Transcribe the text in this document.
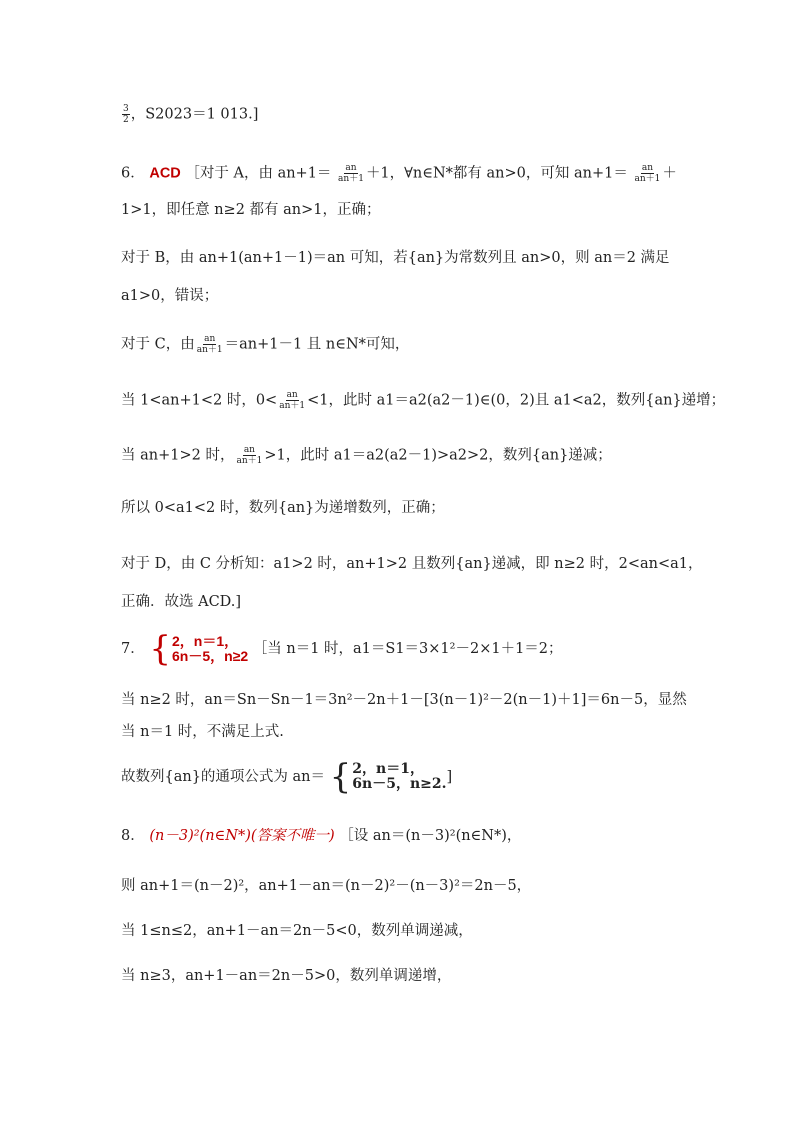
$\frac{3}{2}$ ，S2023＝1 013.]
6． ACD ［对于 A，由 $an+1= \frac{an}{an+1} +1$，∀n∈N*都有 an>0，可知 $an+1= \frac{an}{an+1}$ ＋
1>1，即任意 n≥2 都有 an>1，正确；
对于 B，由 an+1(an+1－1)＝an 可知，若{an}为常数列且 an>0，则 an＝2 满足
a1>0，错误；
对于 C，由 $\frac{an}{an+1} =an+1-1$ 且 n∈N*可知，
当 1<an+1<2 时，$0< \frac{an}{an+1} <1$，此时 a1＝a2(a2－1)∈(0，2)且 a1<a2，数列{an}递增；
当 an+1>2 时， $\frac{an}{an+1} >1$，此时 a1＝a2(a2－1)>a2>2，数列{an}递减；
所以 0<a1<2 时，数列{an}为递增数列，正确；
对于 D，由 C 分析知：a1>2 时，an+1>2 且数列{an}递减，即 n≥2 时，2<an<a1，
正确．故选 ACD.]
7． { 2，n＝1，
6n－5，n≥2 ［当 n＝1 时，a1＝S1＝3×1²－2×1＋1＝2；
当 n≥2 时，an＝Sn－Sn－1＝3n²－2n＋1－[3(n－1)²－2(n－1)＋1]＝6n－5，显然
当 n＝1 时，不满足上式.
故数列{an}的通项公式为 an＝ { 2，n＝1，
6n－5，n≥2. ]
8． (n－3)²(n∈N*)(答案不唯一) ［设 an＝(n－3)²(n∈N*)，
则 an+1＝(n－2)²，an+1－an＝(n－2)²－(n－3)²＝2n－5，
当 1≤n≤2，an+1－an＝2n－5<0，数列单调递减，
当 n≥3，an+1－an＝2n－5>0，数列单调递增，
